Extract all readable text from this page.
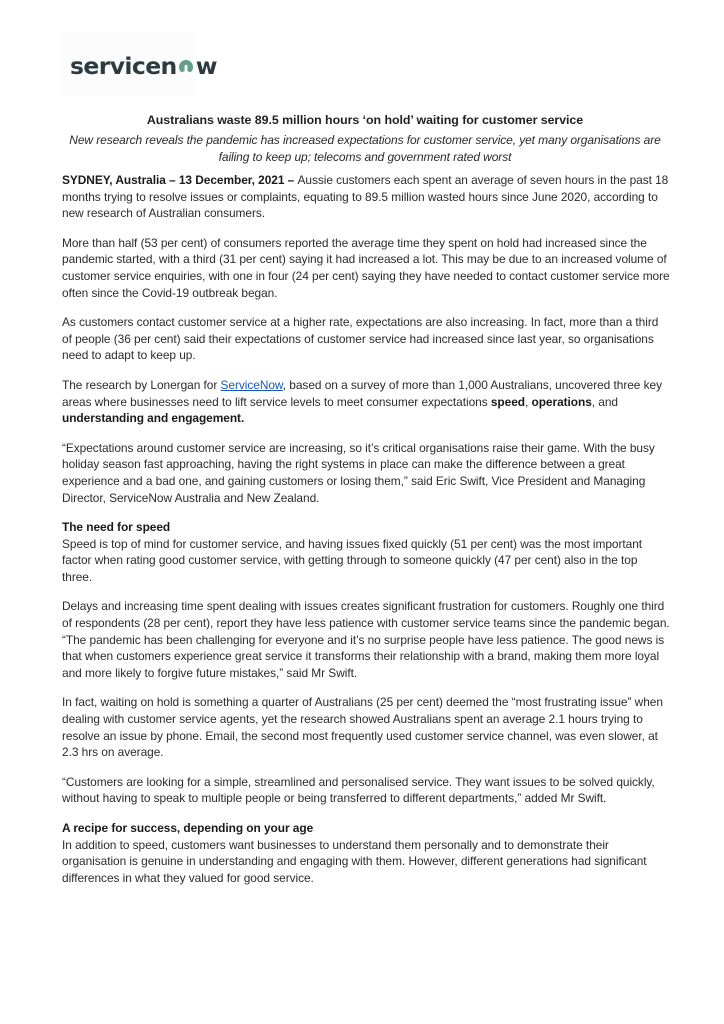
servicen w
Australians waste 89.5 million hours ‘on hold’ waiting for customer service
New research reveals the pandemic has increased expectations for customer service, yet many organisations are failing to keep up; telecoms and government rated worst

SYDNEY, Australia – 13 December, 2021 – Aussie customers each spent an average of seven hours in the past 18 months trying to resolve issues or complaints, equating to 89.5 million wasted hours since June 2020, according to new research of Australian consumers.

More than half (53 per cent) of consumers reported the average time they spent on hold had increased since the pandemic started, with a third (31 per cent) saying it had increased a lot. This may be due to an increased volume of customer service enquiries, with one in four (24 per cent) saying they have needed to contact customer service more often since the Covid-19 outbreak began.

As customers contact customer service at a higher rate, expectations are also increasing. In fact, more than a third of people (36 per cent) said their expectations of customer service had increased since last year, so organisations need to adapt to keep up.

The research by Lonergan for ServiceNow, based on a survey of more than 1,000 Australians, uncovered three key areas where businesses need to lift service levels to meet consumer expectations speed, operations, and understanding and engagement.

“Expectations around customer service are increasing, so it’s critical organisations raise their game. With the busy holiday season fast approaching, having the right systems in place can make the difference between a great experience and a bad one, and gaining customers or losing them,” said Eric Swift, Vice President and Managing Director, ServiceNow Australia and New Zealand.

The need for speed

Speed is top of mind for customer service, and having issues fixed quickly (51 per cent) was the most important factor when rating good customer service, with getting through to someone quickly (47 per cent) also in the top three.

Delays and increasing time spent dealing with issues creates significant frustration for customers. Roughly one third of respondents (28 per cent), report they have less patience with customer service teams since the pandemic began. “The pandemic has been challenging for everyone and it’s no surprise people have less patience. The good news is that when customers experience great service it transforms their relationship with a brand, making them more loyal and more likely to forgive future mistakes,” said Mr Swift.

In fact, waiting on hold is something a quarter of Australians (25 per cent) deemed the “most frustrating issue” when dealing with customer service agents, yet the research showed Australians spent an average 2.1 hours trying to resolve an issue by phone. Email, the second most frequently used customer service channel, was even slower, at 2.3 hrs on average.

“Customers are looking for a simple, streamlined and personalised service. They want issues to be solved quickly, without having to speak to multiple people or being transferred to different departments,” added Mr Swift.

A recipe for success, depending on your age

In addition to speed, customers want businesses to understand them personally and to demonstrate their organisation is genuine in understanding and engaging with them. However, different generations had significant differences in what they valued for good service.
